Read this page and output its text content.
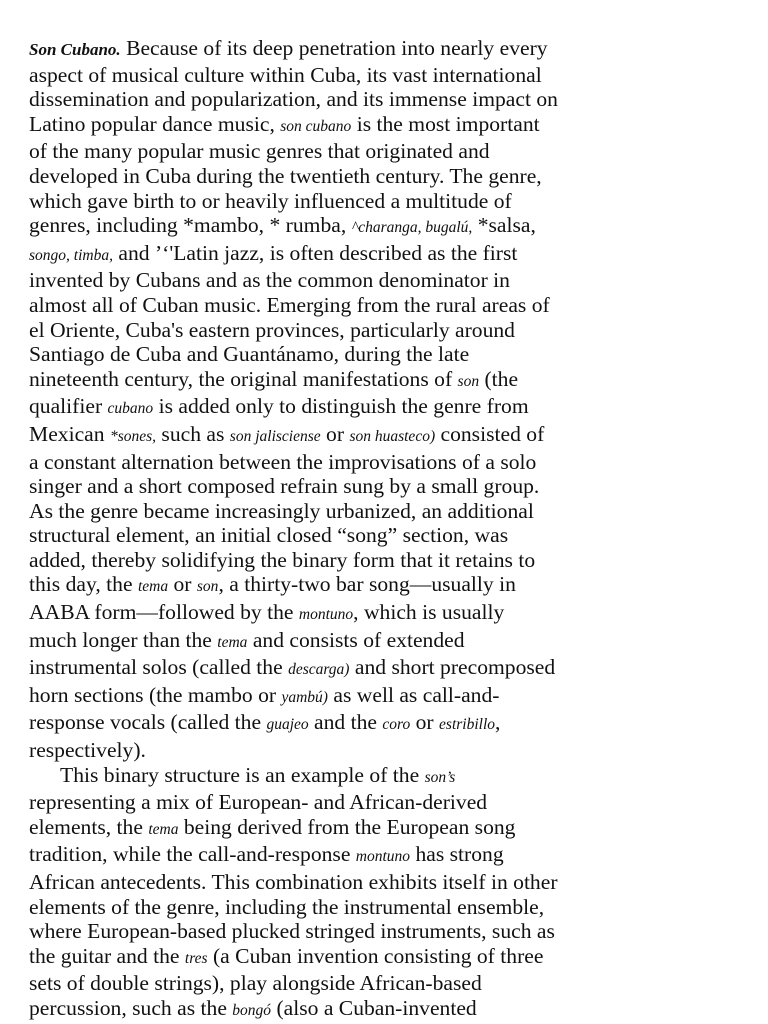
Son Cubano. Because of its deep penetration into nearly every
aspect of musical culture within Cuba, its vast international
dissemination and popularization, and its immense impact on
Latino popular dance music, son cubano is the most important
of the many popular music genres that originated and
developed in Cuba during the twentieth century. The genre,
which gave birth to or heavily influenced a multitude of
genres, including *mambo, * rumba, ^charanga, bugalú, *salsa,
songo, timba, and ’‘'Latin jazz, is often described as the first
invented by Cubans and as the common denominator in
almost all of Cuban music. Emerging from the rural areas of
el Oriente, Cuba's eastern provinces, particularly around
Santiago de Cuba and Guantánamo, during the late
nineteenth century, the original manifestations of son (the
qualifier cubano is added only to distinguish the genre from
Mexican *sones, such as son jalisciense or son huasteco) consisted of
a constant alternation between the improvisations of a solo
singer and a short composed refrain sung by a small group.
As the genre became increasingly urbanized, an additional
structural element, an initial closed “song” section, was
added, thereby solidifying the binary form that it retains to
this day, the tema or son, a thirty-two bar song—usually in
AABA form—followed by the montuno, which is usually
much longer than the tema and consists of extended
instrumental solos (called the descarga) and short precomposed
horn sections (the mambo or yambú) as well as call-and-
response vocals (called the guajeo and the coro or estribillo,
respectively).
This binary structure is an example of the son’s
representing a mix of European- and African-derived
elements, the tema being derived from the European song
tradition, while the call-and-response montuno has strong
African antecedents. This combination exhibits itself in other
elements of the genre, including the instrumental ensemble,
where European-based plucked stringed instruments, such as
the guitar and the tres (a Cuban invention consisting of three
sets of double strings), play alongside African-based
percussion, such as the bongó (also a Cuban-invented
